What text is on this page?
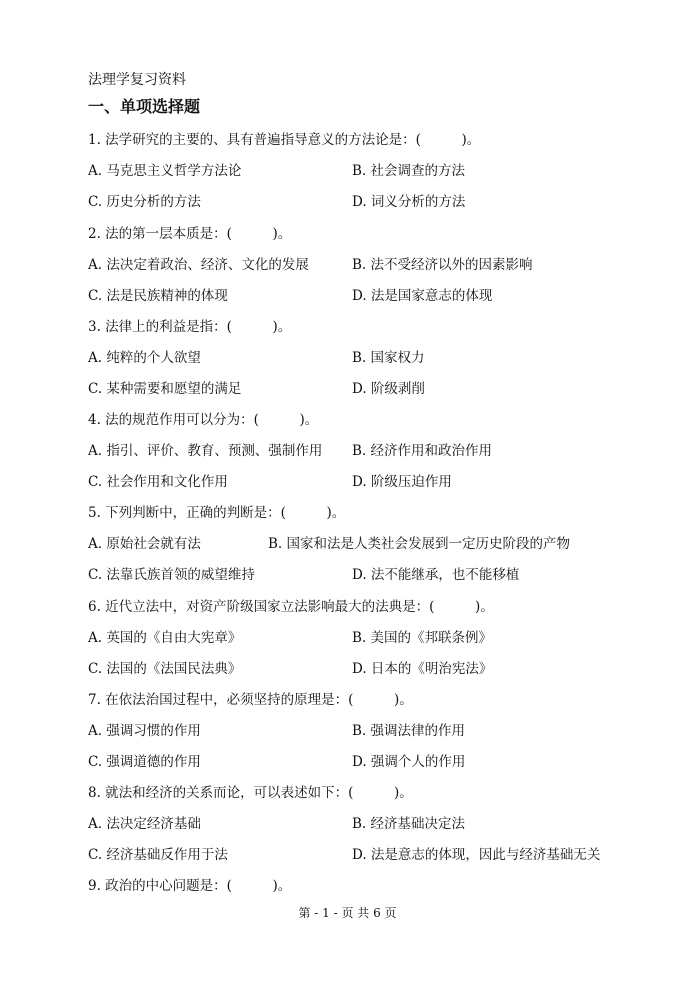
法理学复习资料
一、单项选择题
1. 法学研究的主要的、具有普遍指导意义的方法论是：(　　　)。
A. 马克思主义哲学方法论	B. 社会调查的方法
C. 历史分析的方法	D. 词义分析的方法
2. 法的第一层本质是：(　　　)。
A. 法决定着政治、经济、文化的发展	B. 法不受经济以外的因素影响
C. 法是民族精神的体现	D. 法是国家意志的体现
3. 法律上的利益是指：(　　　)。
A. 纯粹的个人欲望	B. 国家权力
C. 某种需要和愿望的满足	D. 阶级剥削
4. 法的规范作用可以分为：(　　　)。
A. 指引、评价、教育、预测、强制作用 B. 经济作用和政治作用
C. 社会作用和文化作用	D. 阶级压迫作用
5. 下列判断中，正确的判断是：(　　　)。
A. 原始社会就有法	B. 国家和法是人类社会发展到一定历史阶段的产物
C. 法靠氏族首领的威望维持	D. 法不能继承，也不能移植
6. 近代立法中，对资产阶级国家立法影响最大的法典是：(　　　)。
A. 英国的《自由大宪章》	B. 美国的《邦联条例》
C. 法国的《法国民法典》	D. 日本的《明治宪法》
7. 在依法治国过程中，必须坚持的原理是：(　　　)。
A. 强调习惯的作用	B. 强调法律的作用
C. 强调道德的作用	D. 强调个人的作用
8. 就法和经济的关系而论，可以表述如下：(　　　)。
A. 法决定经济基础	B. 经济基础决定法
C. 经济基础反作用于法	D. 法是意志的体现，因此与经济基础无关
9. 政治的中心问题是：(　　　)。
第 - 1 - 页 共 6 页
